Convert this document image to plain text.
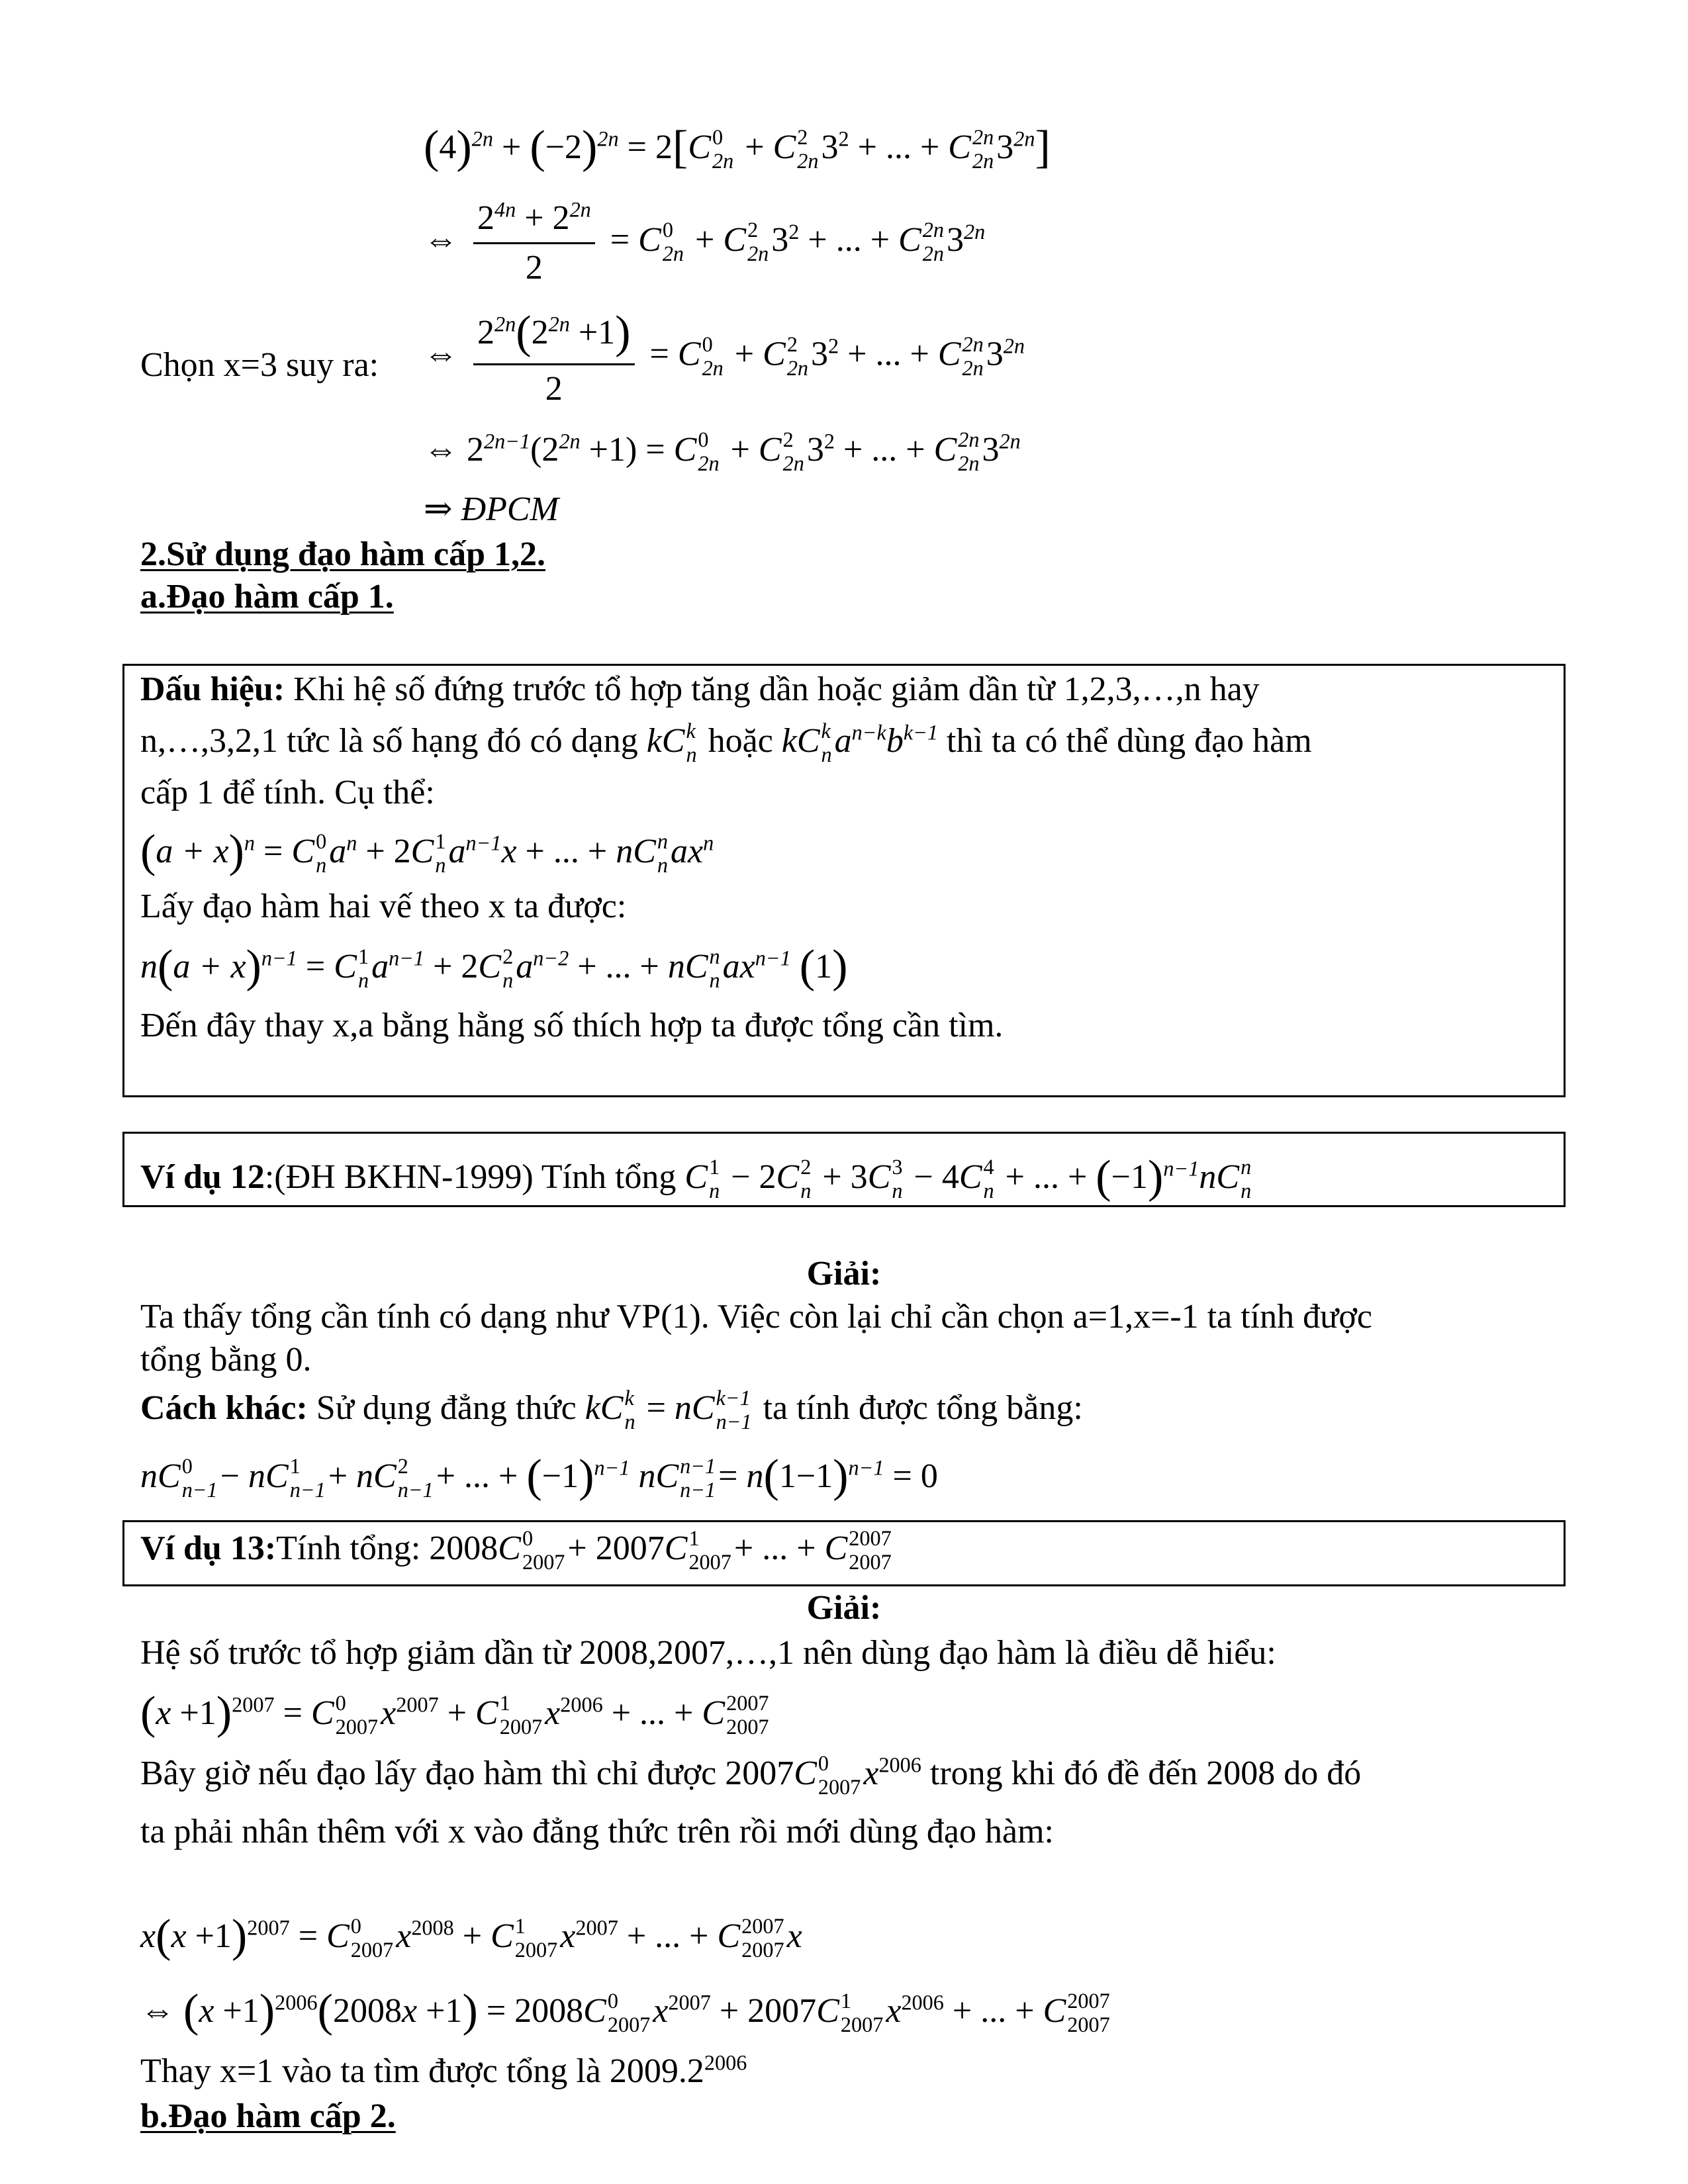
$(4)^{2n} + (-2)^{2n} = 2[C$ 0
2n + C 2
2n $3^2$ + ... + C 2n
2n $3^{2n}$]
⇔ $\frac{2^{4n} + 2^{2n}}{2} = C$ 0
2n + C 2
2n $3^2$ + ... + C 2n
2n $3^{2n}$
Chọn x=3 suy ra: ⇔ $\frac{2^{2n}(2^{2n} +1)}{2} = C$ 0
2n + C 2
2n $3^2$ + ... + C 2n
2n $3^{2n}$
⇔ $2^{2n-1}(2^{2n} +1) = C$ 0
2n + C 2
2n $3^2$ + ... + C 2n
2n $3^{2n}$
⇒ ĐPCM
2.Sử dụng đạo hàm cấp 1,2.
a.Đạo hàm cấp 1.
Dấu hiệu: Khi hệ số đứng trước tổ hợp tăng dần hoặc giảm dần từ 1,2,3,…,n hay
n,…,3,2,1 tức là số hạng đó có dạng kC k
n hoặc kC k
n $a^{n-k}b^{k-1}$ thì ta có thể dùng đạo hàm
cấp 1 để tính. Cụ thể:
$(a + x)^n = C$ 0
n $a^n + 2C$ 1
n $a^{n-1}x$ + ... + nC n
n $ax^n$
Lấy đạo hàm hai vế theo x ta được:
$n(a + x)^{n-1} = C$ 1
n $a^{n-1} + 2C$ 2
n $a^{n-2}$ + ... + nC n
n $ax^{n-1}$ (1)
Đến đây thay x,a bằng hằng số thích hợp ta được tổng cần tìm.
Ví dụ 12:(ĐH BKHN-1999) Tính tổng C 1
n − 2C 2
n + 3C 3
n − 4C 4
n + ... + $(-1)^{n-1}nC$ n
n
Giải:
Ta thấy tổng cần tính có dạng như VP(1). Việc còn lại chỉ cần chọn a=1,x=-1 ta tính được
tổng bằng 0.
Cách khác: Sử dụng đẳng thức kC k
n = nC k−1
n−1 ta tính được tổng bằng:
nC 0
n−1 − nC 1
n−1 + nC 2
n−1 + ... + $(-1)^{n-1}$ nC n−1
$n-1 = n(1-1)^{n-1} = 0$
Ví dụ 13:Tính tổng: 2008C 0
2007 + 2007C 1
2007 + ... + C 2007
2007
Giải:
Hệ số trước tổ hợp giảm dần từ 2008,2007,…,1 nên dùng đạo hàm là điều dễ hiểu:
$(x +1)^{2007} = C$ 0
2007 $x^{2007} + C$ 1
2007 $x^{2006}$ + ... + C 2007
2007
Bây giờ nếu đạo lấy đạo hàm thì chỉ được 2007C 0
2007 $x^{2006}$ trong khi đó đề đến 2008 do đó
ta phải nhân thêm với x vào đẳng thức trên rồi mới dùng đạo hàm:
$x(x +1)^{2007} = C$ 0
2007 $x^{2008} + C$ 1
2007 $x^{2007}$ + ... + C 2007
2007 x
⇔ $(x +1)^{2006}(2008x +1) = 2008C$ 0
2007 $x^{2007} + 2007C$ 1
2007 $x^{2006}$ + ... + C 2007
2007
Thay x=1 vào ta tìm được tổng là $2009.2^{2006}$
b.Đạo hàm cấp 2.
